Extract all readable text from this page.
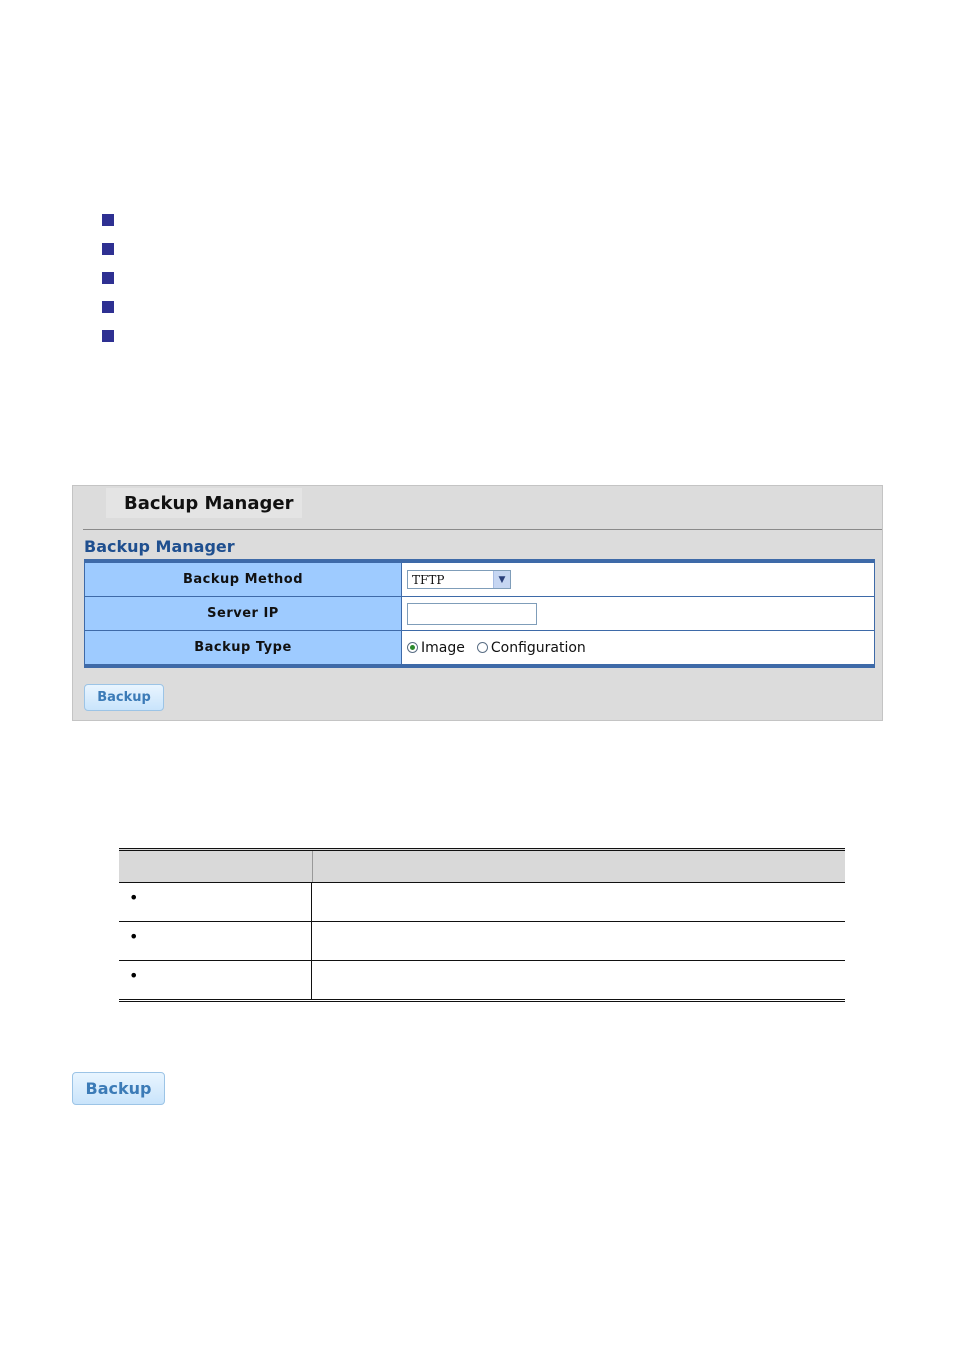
Backup Manager
Backup Manager
Backup Method	TFTP	▼
Server IP
Backup Type	Image Configuration
Backup
•
•
•
Backup
